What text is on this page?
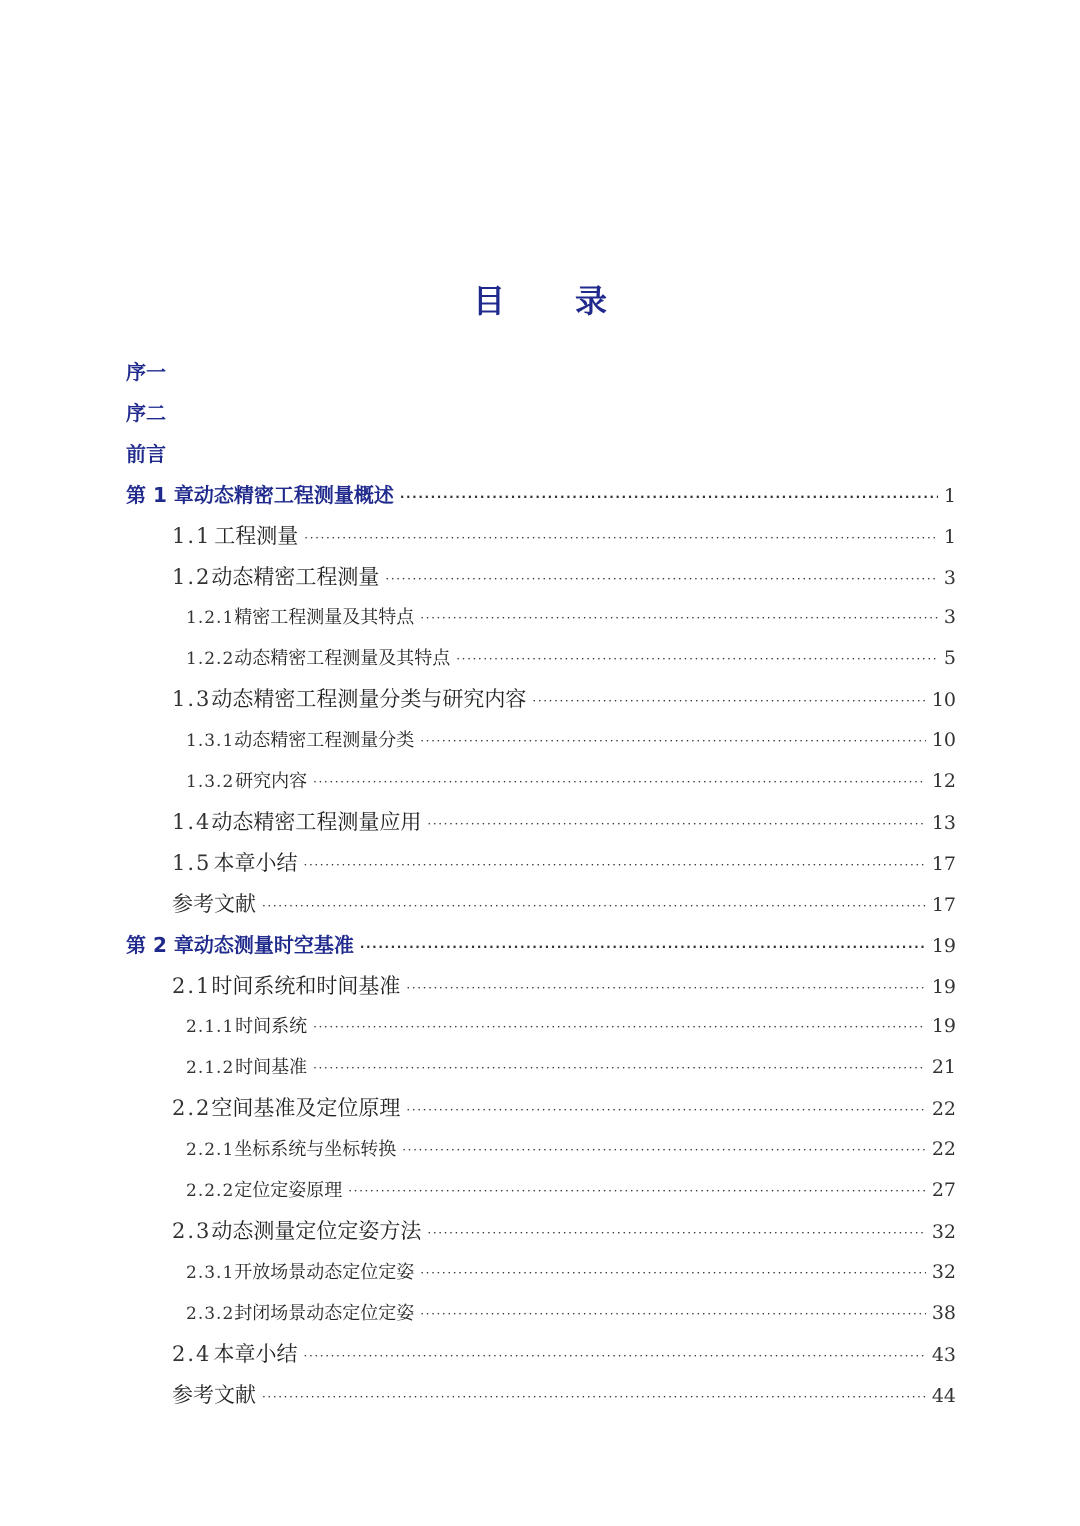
目 录
序一
序二
前言
第 1 章 动态精密工程测量概述 ·····	1
1.1 工程测量 ·····	1
1.2 动态精密工程测量 ·····	3
1.2.1 精密工程测量及其特点 ·····	3
1.2.2 动态精密工程测量及其特点 ·····	5
1.3 动态精密工程测量分类与研究内容 ·····	10
1.3.1 动态精密工程测量分类 ·····	10
1.3.2 研究内容 ·····	12
1.4 动态精密工程测量应用 ·····	13
1.5 本章小结 ·····	17
参考文献 ·····	17
第 2 章 动态测量时空基准 ·····	19
2.1 时间系统和时间基准 ·····	19
2.1.1 时间系统 ·····	19
2.1.2 时间基准 ·····	21
2.2 空间基准及定位原理 ·····	22
2.2.1 坐标系统与坐标转换 ·····	22
2.2.2 定位定姿原理 ·····	27
2.3 动态测量定位定姿方法 ·····	32
2.3.1 开放场景动态定位定姿 ·····	32
2.3.2 封闭场景动态定位定姿 ·····	38
2.4 本章小结 ·····	43
参考文献 ·····	44
